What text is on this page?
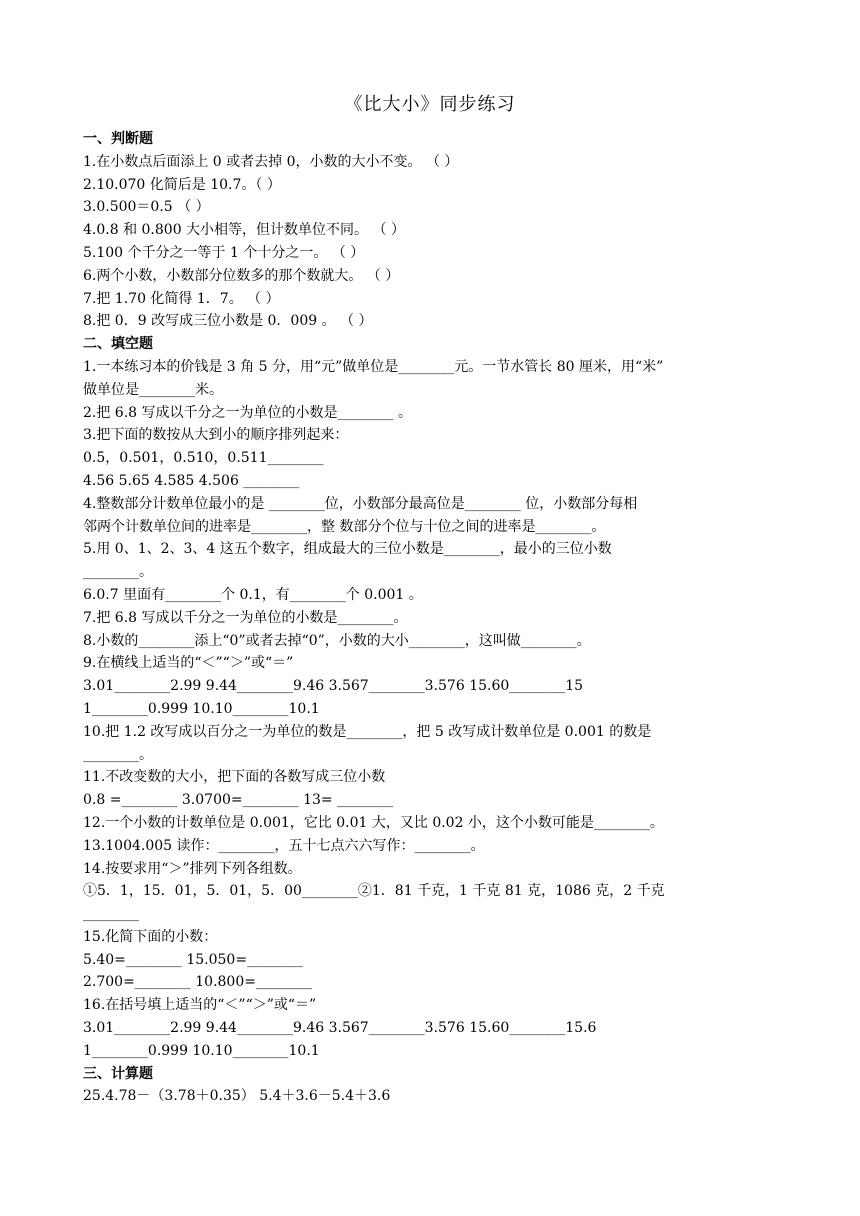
《比大小》同步练习
一、判断题
1.在小数点后面添上 0 或者去掉 0，小数的大小不变。 （ ）
2.10.070 化简后是 10.7。（ ）
3.0.500＝0.5 （ ）
4.0.8 和 0.800 大小相等，但计数单位不同。 （ ）
5.100 个千分之一等于 1 个十分之一。 （ ）
6.两个小数，小数部分位数多的那个数就大。 （ ）
7.把 1.70 化简得 1．7。 （ ）
8.把 0．9 改写成三位小数是 0．009 。 （ ）
二、填空题
1.一本练习本的价钱是 3 角 5 分，用“元”做单位是________元。一节水管长 80 厘米，用“米”
做单位是________米。
2.把 6.8 写成以千分之一为单位的小数是________ 。
3.把下面的数按从大到小的顺序排列起来：
0.5，0.501，0.510，0.511________
4.56 5.65 4.585 4.506 ________
4.整数部分计数单位最小的是 ________位，小数部分最高位是________ 位，小数部分每相
邻两个计数单位间的进率是________，整 数部分个位与十位之间的进率是________。
5.用 0、1、2、3、4 这五个数字，组成最大的三位小数是________，最小的三位小数
________。
6.0.7 里面有________个 0.1，有________个 0.001 。
7.把 6.8 写成以千分之一为单位的小数是________。
8.小数的________添上“0”或者去掉“0”，小数的大小________，这叫做________。
9.在横线上适当的“＜”“＞”或“＝”
3.01________2.99 9.44________9.46 3.567________3.576 15.60________15
1________0.999 10.10________10.1
10.把 1.2 改写成以百分之一为单位的数是________，把 5 改写成计数单位是 0.001 的数是
________。
11.不改变数的大小，把下面的各数写成三位小数
0.8 =________ 3.0700=________ 13= ________
12.一个小数的计数单位是 0.001，它比 0.01 大，又比 0.02 小，这个小数可能是________。
13.1004.005 读作：________，五十七点六六写作：________。
14.按要求用“＞”排列下列各组数。
①5．1，15．01，5．01，5．00________②1．81 千克，1 千克 81 克，1086 克，2 千克
________
15.化简下面的小数：
5.40=________ 15.050=________
2.700=________ 10.800=________
16.在括号填上适当的“＜”“＞”或“＝”
3.01________2.99 9.44________9.46 3.567________3.576 15.60________15.6
1________0.999 10.10________10.1
三、计算题
25.4.78－（3.78＋0.35） 5.4＋3.6－5.4＋3.6
